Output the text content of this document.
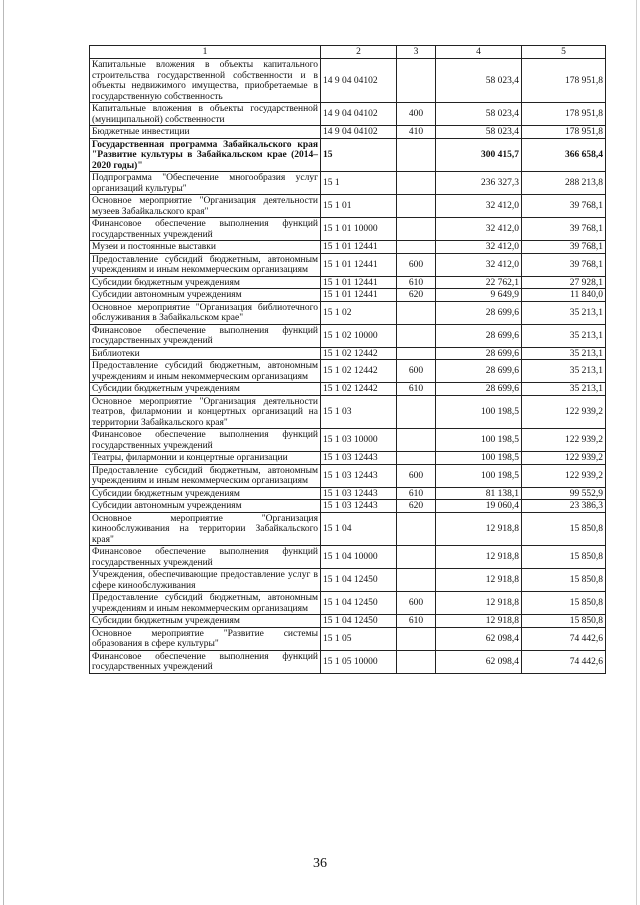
1	2	3	4	5
Капитальные вложения в объекты капитального строительства государственной собственности и в объекты недвижимого имущества, приобретаемые в государственную собственность	14 9 04 04102		58 023,4	178 951,8
Капитальные вложения в объекты государственной (муниципальной) собственности	14 9 04 04102	400	58 023,4	178 951,8
Бюджетные инвестиции	14 9 04 04102	410	58 023,4	178 951,8
Государственная программа Забайкальского края "Развитие культуры в Забайкальском крае (2014–2020 годы)"	15		300 415,7	366 658,4
Подпрограмма "Обеспечение многообразия услуг организаций культуры"	15 1		236 327,3	288 213,8
Основное мероприятие "Организация деятельности музеев Забайкальского края"	15 1 01		32 412,0	39 768,1
Финансовое обеспечение выполнения функций государственных учреждений	15 1 01 10000		32 412,0	39 768,1
Музеи и постоянные выставки	15 1 01 12441		32 412,0	39 768,1
Предоставление субсидий бюджетным, автономным учреждениям и иным некоммерческим организациям	15 1 01 12441	600	32 412,0	39 768,1
Субсидии бюджетным учреждениям	15 1 01 12441	610	22 762,1	27 928,1
Субсидии автономным учреждениям	15 1 01 12441	620	9 649,9	11 840,0
Основное мероприятие "Организация библиотечного обслуживания в Забайкальском крае"	15 1 02		28 699,6	35 213,1
Финансовое обеспечение выполнения функций государственных учреждений	15 1 02 10000		28 699,6	35 213,1
Библиотеки	15 1 02 12442		28 699,6	35 213,1
Предоставление субсидий бюджетным, автономным учреждениям и иным некоммерческим организациям	15 1 02 12442	600	28 699,6	35 213,1
Субсидии бюджетным учреждениям	15 1 02 12442	610	28 699,6	35 213,1
Основное мероприятие "Организация деятельности театров, филармонии и концертных организаций на территории Забайкальского края"	15 1 03		100 198,5	122 939,2
Финансовое обеспечение выполнения функций государственных учреждений	15 1 03 10000		100 198,5	122 939,2
Театры, филармонии и концертные организации	15 1 03 12443		100 198,5	122 939,2
Предоставление субсидий бюджетным, автономным учреждениям и иным некоммерческим организациям	15 1 03 12443	600	100 198,5	122 939,2
Субсидии бюджетным учреждениям	15 1 03 12443	610	81 138,1	99 552,9
Субсидии автономным учреждениям	15 1 03 12443	620	19 060,4	23 386,3
Основное мероприятие "Организация кинообслуживания на территории Забайкальского края"	15 1 04		12 918,8	15 850,8
Финансовое обеспечение выполнения функций государственных учреждений	15 1 04 10000		12 918,8	15 850,8
Учреждения, обеспечивающие предоставление услуг в сфере кинообслуживания	15 1 04 12450		12 918,8	15 850,8
Предоставление субсидий бюджетным, автономным учреждениям и иным некоммерческим организациям	15 1 04 12450	600	12 918,8	15 850,8
Субсидии бюджетным учреждениям	15 1 04 12450	610	12 918,8	15 850,8
Основное мероприятие "Развитие системы образования в сфере культуры"	15 1 05		62 098,4	74 442,6
Финансовое обеспечение выполнения функций государственных учреждений	15 1 05 10000		62 098,4	74 442,6
36
